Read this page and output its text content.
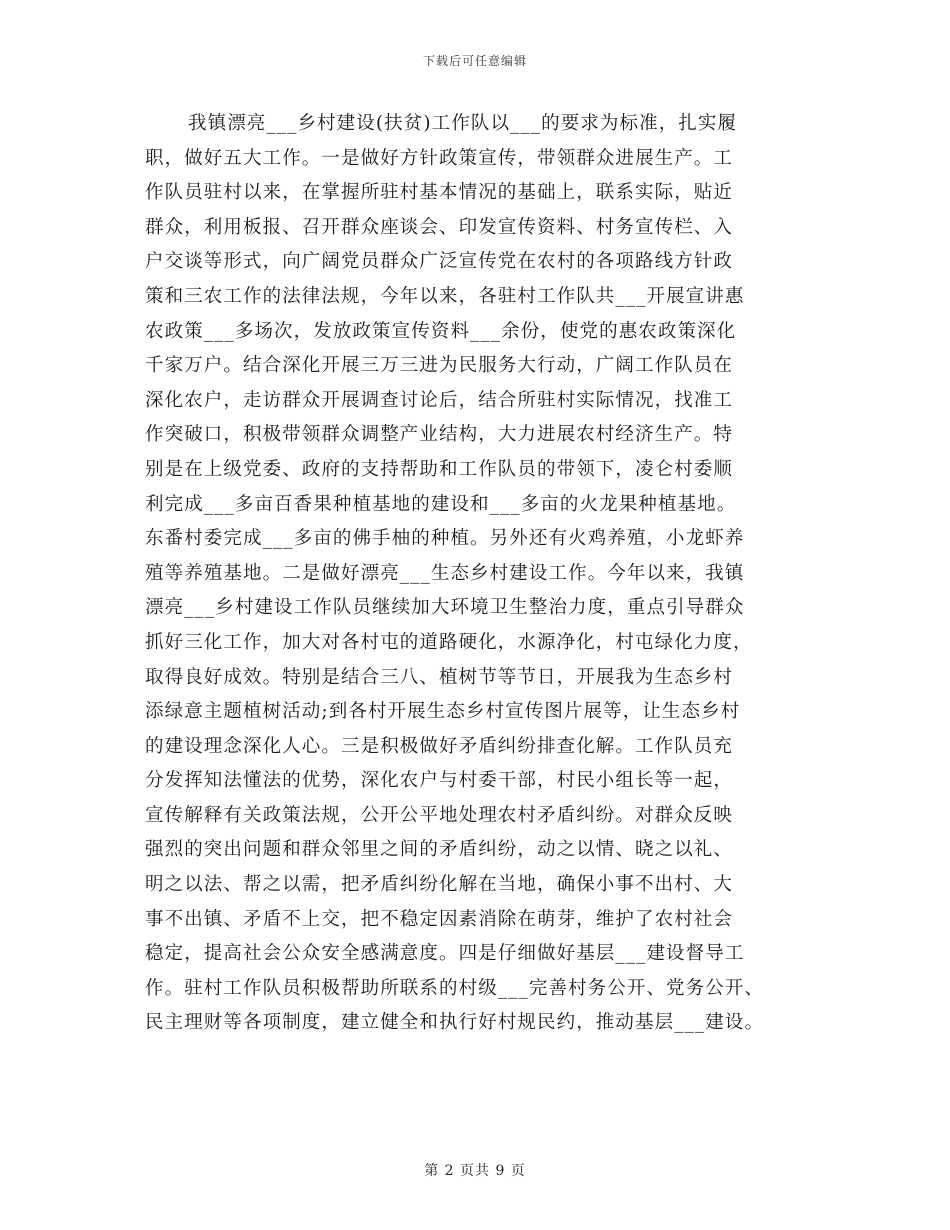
下载后可任意编辑
我镇漂亮___乡村建设(扶贫)工作队以___的要求为标准，扎实履
职，做好五大工作。一是做好方针政策宣传，带领群众进展生产。工
作队员驻村以来，在掌握所驻村基本情况的基础上，联系实际，贴近
群众，利用板报、召开群众座谈会、印发宣传资料、村务宣传栏、入
户交谈等形式，向广阔党员群众广泛宣传党在农村的各项路线方针政
策和三农工作的法律法规，今年以来，各驻村工作队共___开展宣讲惠
农政策___多场次，发放政策宣传资料___余份，使党的惠农政策深化
千家万户。结合深化开展三万三进为民服务大行动，广阔工作队员在
深化农户，走访群众开展调查讨论后，结合所驻村实际情况，找准工
作突破口，积极带领群众调整产业结构，大力进展农村经济生产。特
别是在上级党委、政府的支持帮助和工作队员的带领下，凌仑村委顺
利完成___多亩百香果种植基地的建设和___多亩的火龙果种植基地。
东番村委完成___多亩的佛手柚的种植。另外还有火鸡养殖，小龙虾养
殖等养殖基地。二是做好漂亮___生态乡村建设工作。今年以来，我镇
漂亮___乡村建设工作队员继续加大环境卫生整治力度，重点引导群众
抓好三化工作，加大对各村屯的道路硬化，水源净化，村屯绿化力度，
取得良好成效。特别是结合三八、植树节等节日，开展我为生态乡村
添绿意主题植树活动;到各村开展生态乡村宣传图片展等，让生态乡村
的建设理念深化人心。三是积极做好矛盾纠纷排查化解。工作队员充
分发挥知法懂法的优势，深化农户与村委干部，村民小组长等一起，
宣传解释有关政策法规，公开公平地处理农村矛盾纠纷。对群众反映
强烈的突出问题和群众邻里之间的矛盾纠纷，动之以情、晓之以礼、
明之以法、帮之以需，把矛盾纠纷化解在当地，确保小事不出村、大
事不出镇、矛盾不上交，把不稳定因素消除在萌芽，维护了农村社会
稳定，提高社会公众安全感满意度。四是仔细做好基层___建设督导工
作。驻村工作队员积极帮助所联系的村级___完善村务公开、党务公开、
民主理财等各项制度，建立健全和执行好村规民约，推动基层___建设。
第 2 页共 9 页
